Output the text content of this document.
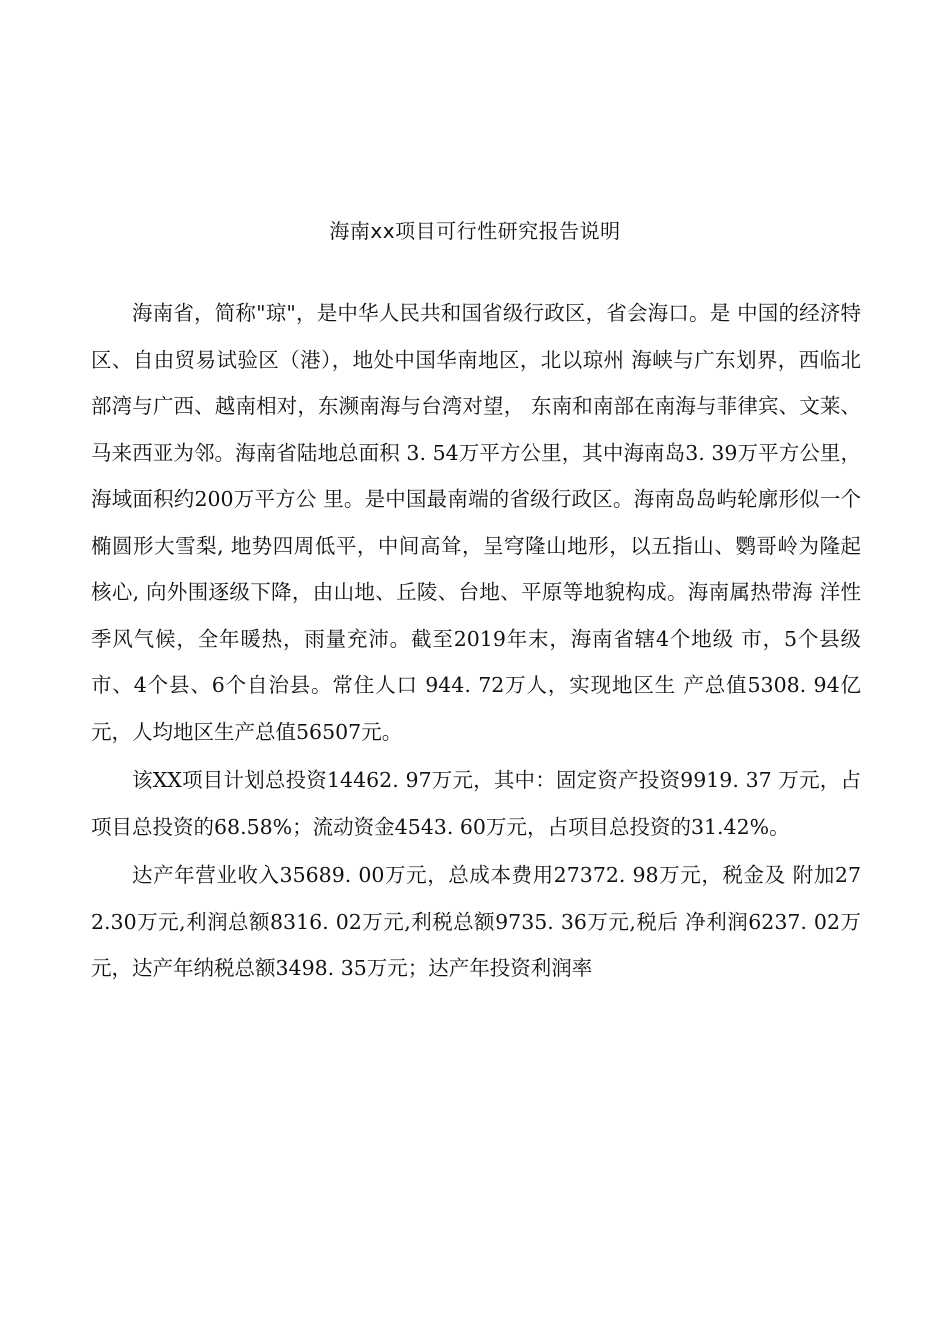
海南xx项目可行性研究报告说明

海南省，简称"琼"，是中华人民共和国省级行政区，省会海口。是 中国的经济特区、自由贸易试验区（港），地处中国华南地区，北以琼州 海峡与广东划界，西临北部湾与广西、越南相对，东濒南海与台湾对望， 东南和南部在南海与菲律宾、文莱、马来西亚为邻。海南省陆地总面积 3. 54万平方公里，其中海南岛3. 39万平方公里，海域面积约200万平方公 里。是中国最南端的省级行政区。海南岛岛屿轮廓形似一个椭圆形大雪梨, 地势四周低平，中间高耸，呈穹隆山地形，以五指山、鹦哥岭为隆起核心, 向外围逐级下降，由山地、丘陵、台地、平原等地貌构成。海南属热带海 洋性季风气候，全年暖热，雨量充沛。截至2019年末，海南省辖4个地级 市，5个县级市、4个县、6个自治县。常住人口 944. 72万人，实现地区生 产总值5308. 94亿元，人均地区生产总值56507元。

该XX项目计划总投资14462. 97万元，其中：固定资产投资9919. 37 万元，占项目总投资的68.58%；流动资金4543. 60万元，占项目总投资的31.42%。

达产年营业收入35689. 00万元，总成本费用27372. 98万元，税金及 附加272.30万元,利润总额8316. 02万元,利税总额9735. 36万元,税后 净利润6237. 02万元，达产年纳税总额3498. 35万元；达产年投资利润率
